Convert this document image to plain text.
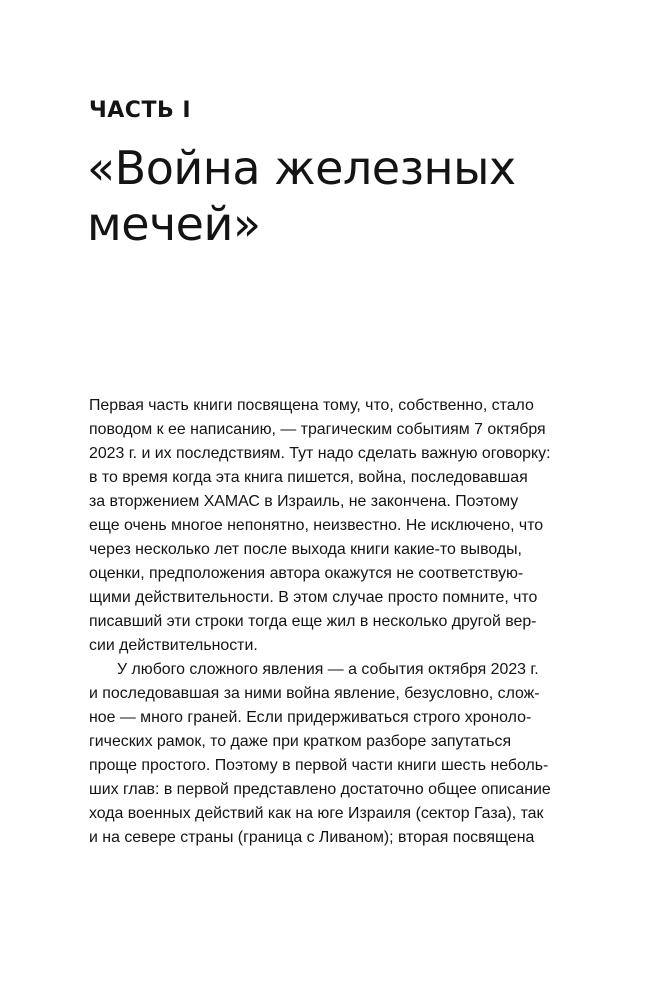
ЧАСТЬ I
«Война железных
мечей»
Первая часть книги посвящена тому, что, собственно, стало
поводом к ее написанию, — трагическим событиям 7 октября
2023 г. и их последствиям. Тут надо сделать важную оговорку:
в то время когда эта книга пишется, война, последовавшая
за вторжением ХАМАС в Израиль, не закончена. Поэтому
еще очень многое непонятно, неизвестно. Не исключено, что
через несколько лет после выхода книги какие-то выводы,
оценки, предположения автора окажутся не соответствую-
щими действительности. В этом случае просто помните, что
писавший эти строки тогда еще жил в несколько другой вер-
сии действительности.
У любого сложного явления — а события октября 2023 г.
и последовавшая за ними война явление, безусловно, слож-
ное — много граней. Если придерживаться строго хроноло-
гических рамок, то даже при кратком разборе запутаться
проще простого. Поэтому в первой части книги шесть неболь-
ших глав: в первой представлено достаточно общее описание
хода военных действий как на юге Израиля (сектор Газа), так
и на севере страны (граница с Ливаном); вторая посвящена
